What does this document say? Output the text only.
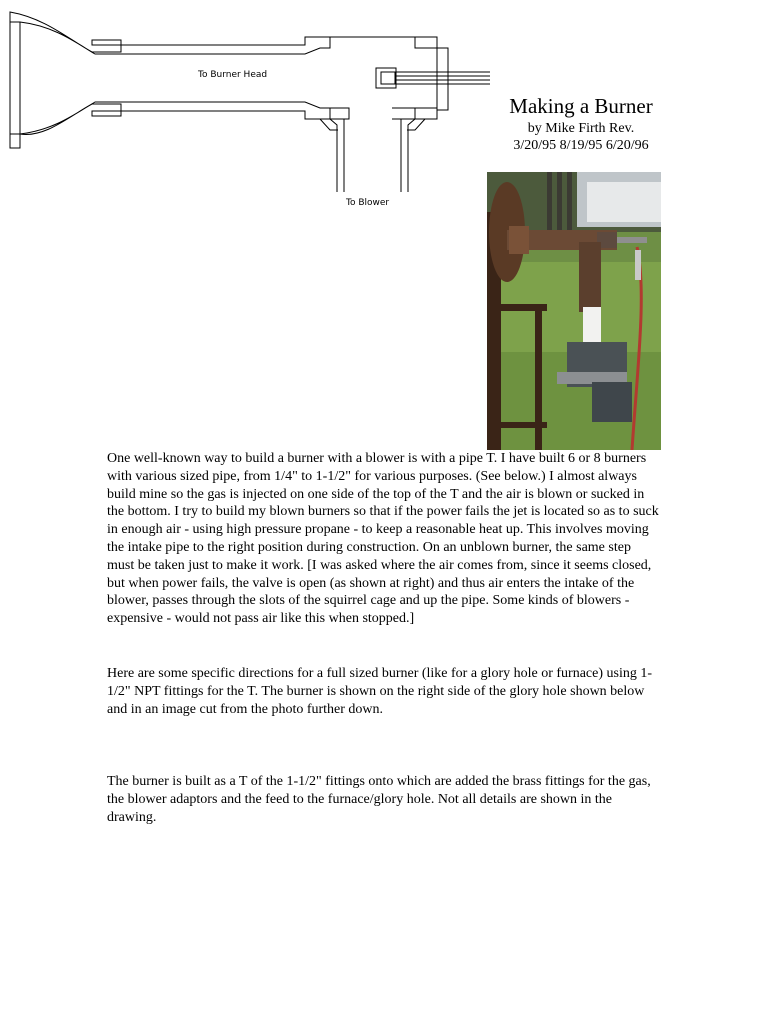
To Burner Head
To Blower
Making a Burner
by Mike Firth Rev.
3/20/95 8/19/95 6/20/96

One well-known way to build a burner with a blower is with a pipe T. I have built 6 or 8 burners with various sized pipe, from 1/4" to 1-1/2" for various purposes. (See below.) I almost always build mine so the gas is injected on one side of the top of the T and the air is blown or sucked in the bottom. I try to build my blown burners so that if the power fails the jet is located so as to suck in enough air - using high pressure propane - to keep a reasonable heat up. This involves moving the intake pipe to the right position during construction. On an unblown burner, the same step must be taken just to make it work. [I was asked where the air comes from, since it seems closed, but when power fails, the valve is open (as shown at right) and thus air enters the intake of the blower, passes through the slots of the squirrel cage and up the pipe. Some kinds of blowers - expensive - would not pass air like this when stopped.]

Here are some specific directions for a full sized burner (like for a glory hole or furnace) using 1-1/2" NPT fittings for the T. The burner is shown on the right side of the glory hole shown below and in an image cut from the photo further down.

The burner is built as a T of the 1-1/2" fittings onto which are added the brass fittings for the gas, the blower adaptors and the feed to the furnace/glory hole. Not all details are shown in the drawing.
